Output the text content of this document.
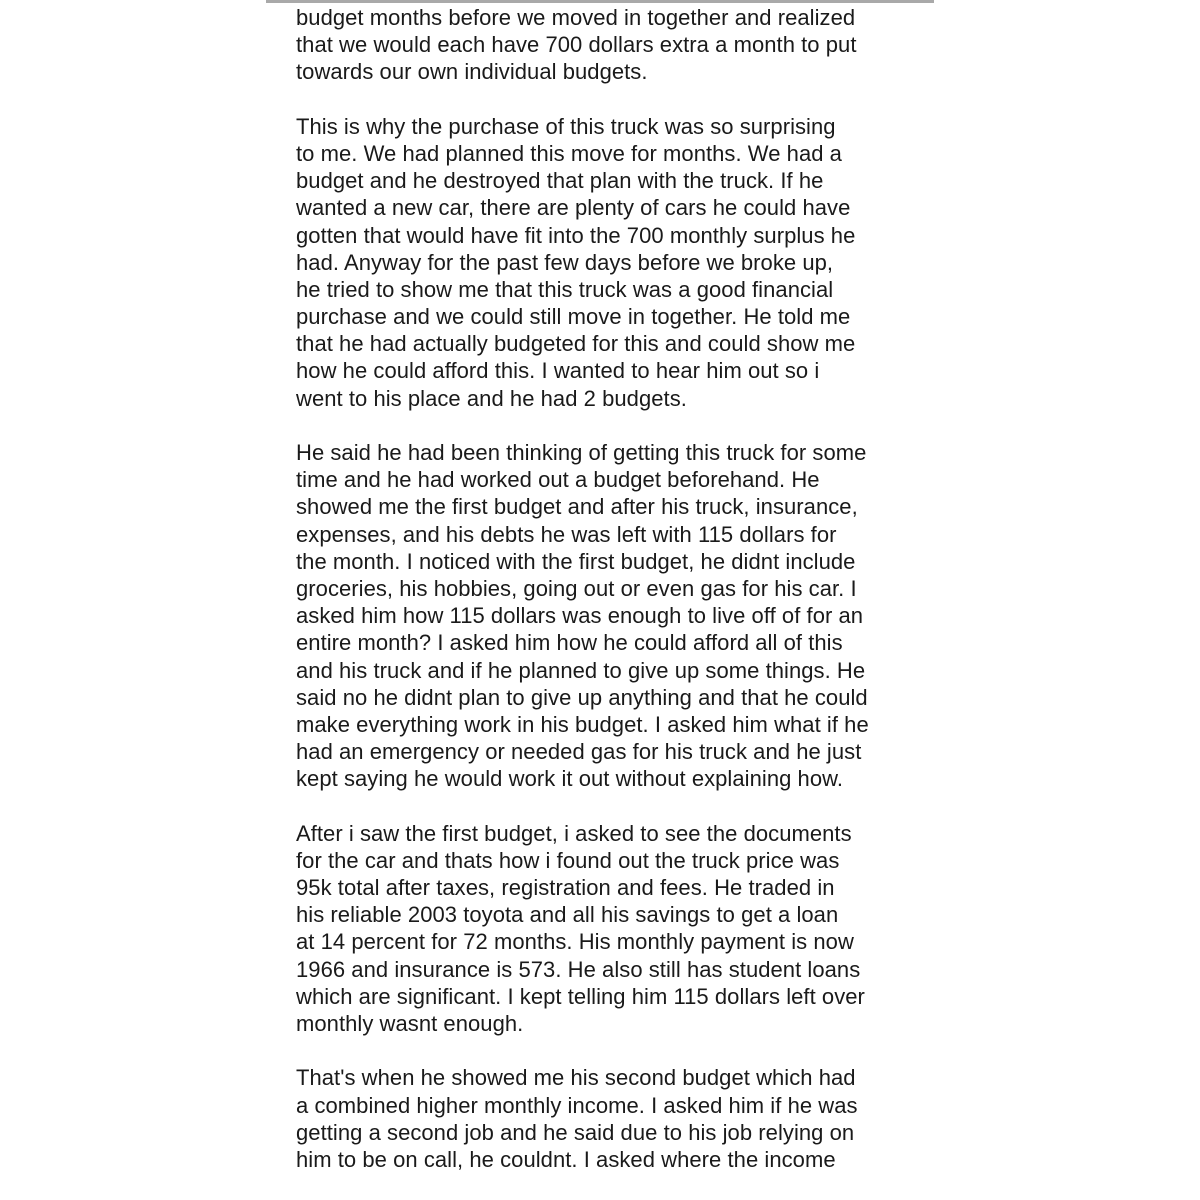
budget months before we moved in together and realized
that we would each have 700 dollars extra a month to put
towards our own individual budgets.
This is why the purchase of this truck was so surprising
to me. We had planned this move for months. We had a
budget and he destroyed that plan with the truck. If he
wanted a new car, there are plenty of cars he could have
gotten that would have fit into the 700 monthly surplus he
had. Anyway for the past few days before we broke up,
he tried to show me that this truck was a good financial
purchase and we could still move in together. He told me
that he had actually budgeted for this and could show me
how he could afford this. I wanted to hear him out so i
went to his place and he had 2 budgets.
He said he had been thinking of getting this truck for some
time and he had worked out a budget beforehand. He
showed me the first budget and after his truck, insurance,
expenses, and his debts he was left with 115 dollars for
the month. I noticed with the first budget, he didnt include
groceries, his hobbies, going out or even gas for his car. I
asked him how 115 dollars was enough to live off of for an
entire month? I asked him how he could afford all of this
and his truck and if he planned to give up some things. He
said no he didnt plan to give up anything and that he could
make everything work in his budget. I asked him what if he
had an emergency or needed gas for his truck and he just
kept saying he would work it out without explaining how.
After i saw the first budget, i asked to see the documents
for the car and thats how i found out the truck price was
95k total after taxes, registration and fees. He traded in
his reliable 2003 toyota and all his savings to get a loan
at 14 percent for 72 months. His monthly payment is now
1966 and insurance is 573. He also still has student loans
which are significant. I kept telling him 115 dollars left over
monthly wasnt enough.
That's when he showed me his second budget which had
a combined higher monthly income. I asked him if he was
getting a second job and he said due to his job relying on
him to be on call, he couldnt. I asked where the income
